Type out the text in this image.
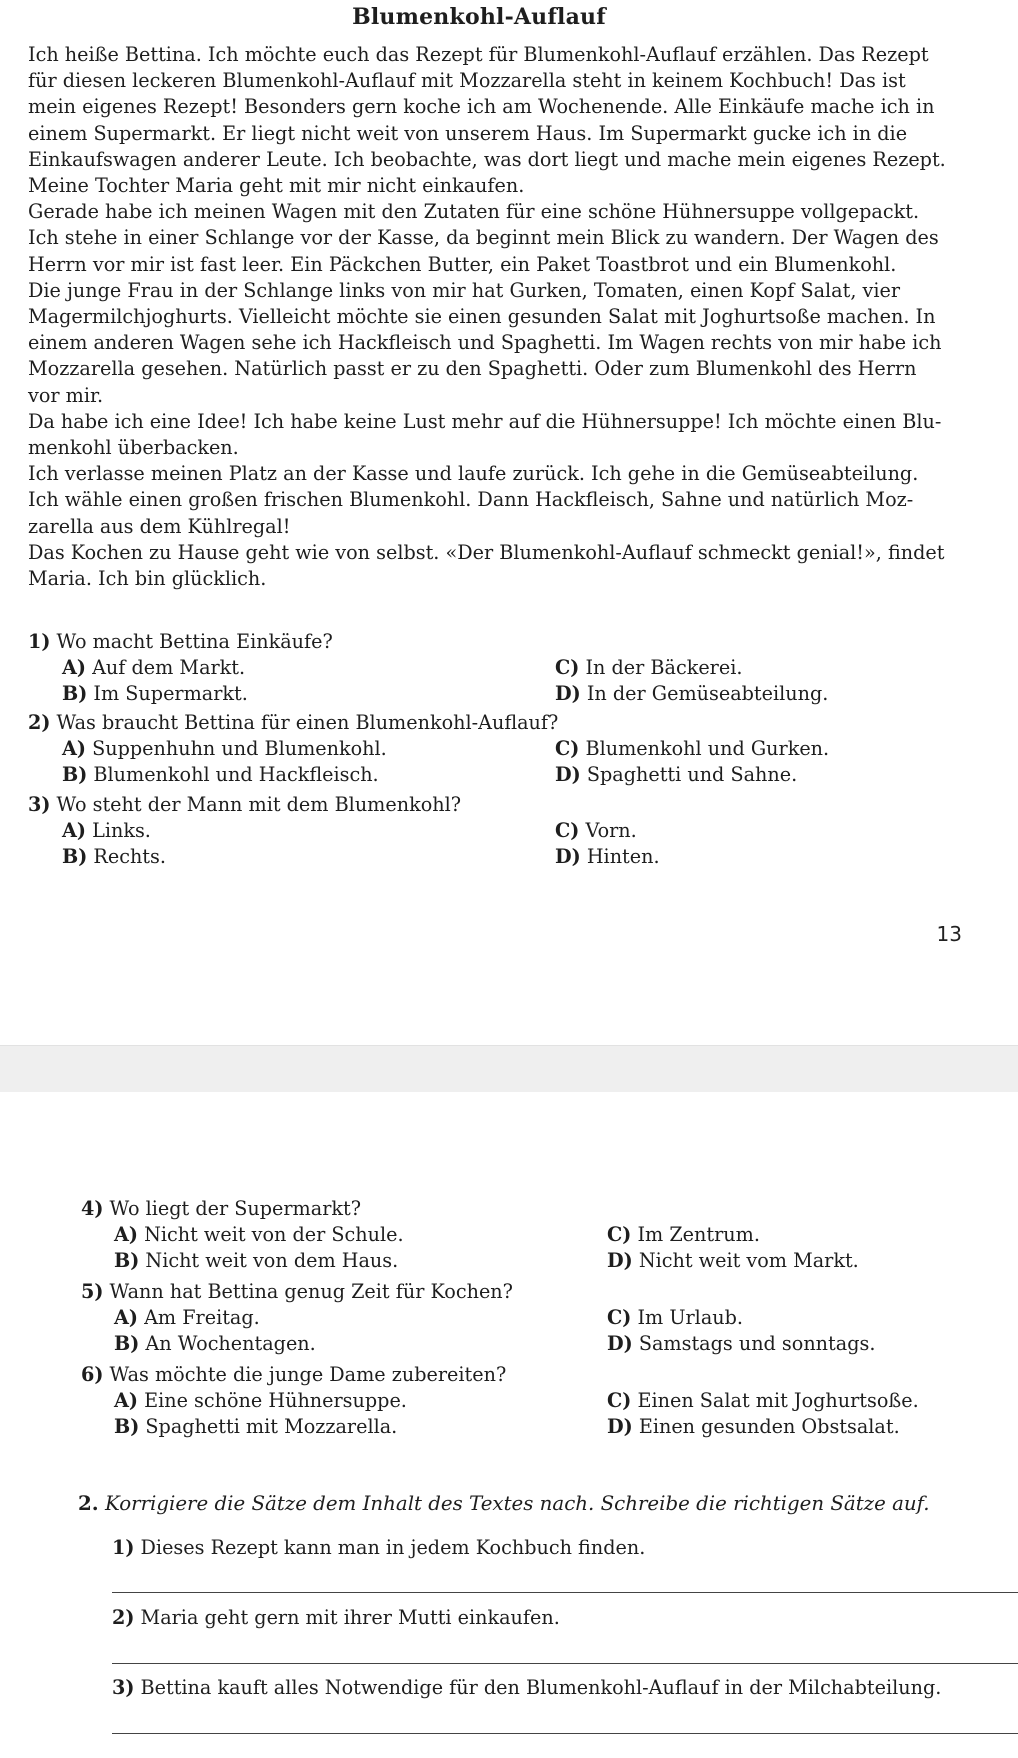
Blumenkohl-Auflauf
Ich heiße Bettina. Ich möchte euch das Rezept für Blumenkohl-Auflauf erzählen. Das Rezept
für diesen leckeren Blumenkohl-Auflauf mit Mozzarella steht in keinem Kochbuch! Das ist
mein eigenes Rezept! Besonders gern koche ich am Wochenende. Alle Einkäufe mache ich in
einem Supermarkt. Er liegt nicht weit von unserem Haus. Im Supermarkt gucke ich in die
Einkaufswagen anderer Leute. Ich beobachte, was dort liegt und mache mein eigenes Rezept.
Meine Tochter Maria geht mit mir nicht einkaufen.
Gerade habe ich meinen Wagen mit den Zutaten für eine schöne Hühnersuppe vollgepackt.
Ich stehe in einer Schlange vor der Kasse, da beginnt mein Blick zu wandern. Der Wagen des
Herrn vor mir ist fast leer. Ein Päckchen Butter, ein Paket Toastbrot und ein Blumenkohl.
Die junge Frau in der Schlange links von mir hat Gurken, Tomaten, einen Kopf Salat, vier
Magermilchjoghurts. Vielleicht möchte sie einen gesunden Salat mit Joghurtsoße machen. In
einem anderen Wagen sehe ich Hackfleisch und Spaghetti. Im Wagen rechts von mir habe ich
Mozzarella gesehen. Natürlich passt er zu den Spaghetti. Oder zum Blumenkohl des Herrn
vor mir.
Da habe ich eine Idee! Ich habe keine Lust mehr auf die Hühnersuppe! Ich möchte einen Blu-
menkohl überbacken.
Ich verlasse meinen Platz an der Kasse und laufe zurück. Ich gehe in die Gemüseabteilung.
Ich wähle einen großen frischen Blumenkohl. Dann Hackfleisch, Sahne und natürlich Moz-
zarella aus dem Kühlregal!
Das Kochen zu Hause geht wie von selbst. «Der Blumenkohl-Auflauf schmeckt genial!», findet
Maria. Ich bin glücklich.
1) Wo macht Bettina Einkäufe?
A) Auf dem Markt.
B) Im Supermarkt.
C) In der Bäckerei.
D) In der Gemüseabteilung.
2) Was braucht Bettina für einen Blumenkohl-Auflauf?
A) Suppenhuhn und Blumenkohl.
B) Blumenkohl und Hackfleisch.
C) Blumenkohl und Gurken.
D) Spaghetti und Sahne.
3) Wo steht der Mann mit dem Blumenkohl?
A) Links.
B) Rechts.
C) Vorn.
D) Hinten.
13
4) Wo liegt der Supermarkt?
A) Nicht weit von der Schule.
B) Nicht weit von dem Haus.
C) Im Zentrum.
D) Nicht weit vom Markt.
5) Wann hat Bettina genug Zeit für Kochen?
A) Am Freitag.
B) An Wochentagen.
C) Im Urlaub.
D) Samstags und sonntags.
6) Was möchte die junge Dame zubereiten?
A) Eine schöne Hühnersuppe.
B) Spaghetti mit Mozzarella.
C) Einen Salat mit Joghurtsoße.
D) Einen gesunden Obstsalat.
2. Korrigiere die Sätze dem Inhalt des Textes nach. Schreibe die richtigen Sätze auf.
1) Dieses Rezept kann man in jedem Kochbuch finden.
2) Maria geht gern mit ihrer Mutti einkaufen.
3) Bettina kauft alles Notwendige für den Blumenkohl-Auflauf in der Milchabteilung.
